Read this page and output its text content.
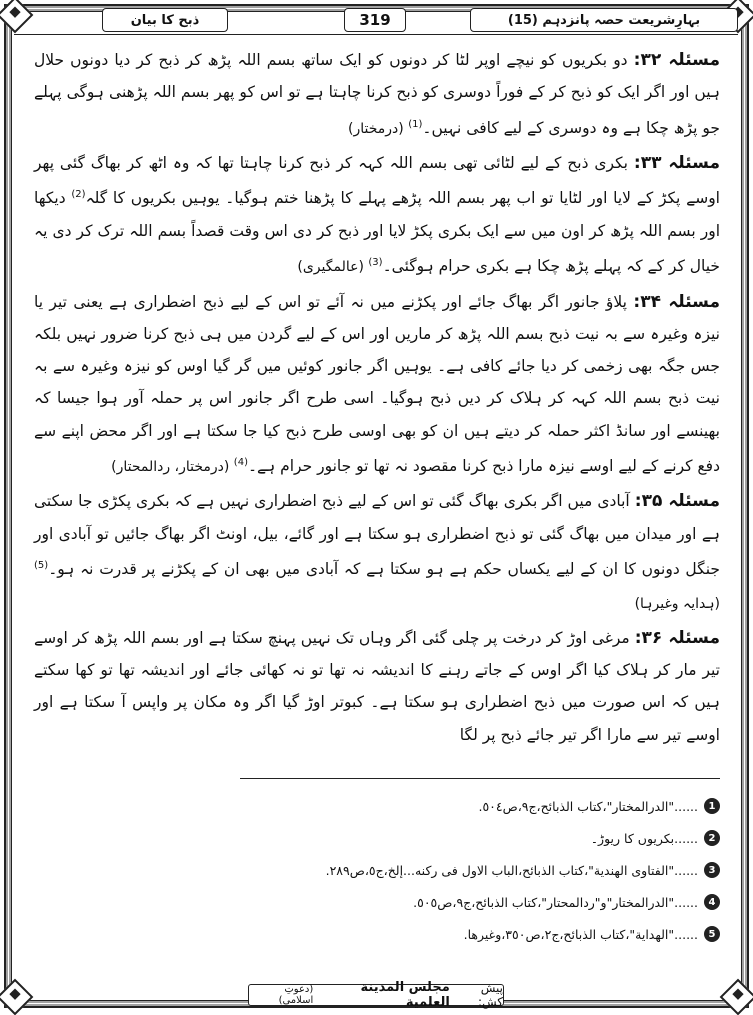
بہارِشریعت حصہ پانزدہم (15)
319
ذبح کا بیان

مسئلہ ۳۲: دو بکریوں کو نیچے اوپر لٹا کر دونوں کو ایک ساتھ بسم اللہ پڑھ کر ذبح کر دیا دونوں حلال ہیں اور اگر ایک کو ذبح کر کے فوراً دوسری کو ذبح کرنا چاہتا ہے تو اس کو پھر بسم اللہ پڑھنی ہوگی پہلے جو پڑھ چکا ہے وہ دوسری کے لیے کافی نہیں۔$^{(1)}$ (درمختار)

مسئلہ ۳۳: بکری ذبح کے لیے لٹائی تھی بسم اللہ کہہ کر ذبح کرنا چاہتا تھا کہ وہ اٹھ کر بھاگ گئی پھر اوسے پکڑ کے لایا اور لٹایا تو اب پھر بسم اللہ پڑھے پہلے کا پڑھنا ختم ہوگیا۔ یوہیں بکریوں کا گلہ$^{(2)}$ دیکھا اور بسم اللہ پڑھ کر اون میں سے ایک بکری پکڑ لایا اور ذبح کر دی اس وقت قصداً بسم اللہ ترک کر دی یہ خیال کر کے کہ پہلے پڑھ چکا ہے بکری حرام ہوگئی۔$^{(3)}$ (عالمگیری)

مسئلہ ۳۴: پلاؤ جانور اگر بھاگ جائے اور پکڑنے میں نہ آئے تو اس کے لیے ذبح اضطراری ہے یعنی تیر یا نیزہ وغیرہ سے بہ نیت ذبح بسم اللہ پڑھ کر ماریں اور اس کے لیے گردن میں ہی ذبح کرنا ضرور نہیں بلکہ جس جگہ بھی زخمی کر دیا جائے کافی ہے۔ یوہیں اگر جانور کوئیں میں گر گیا اوس کو نیزہ وغیرہ سے بہ نیت ذبح بسم اللہ کہہ کر ہلاک کر دیں ذبح ہوگیا۔ اسی طرح اگر جانور اس پر حملہ آور ہوا جیسا کہ بھینسے اور سانڈ اکثر حملہ کر دیتے ہیں ان کو بھی اوسی طرح ذبح کیا جا سکتا ہے اور اگر محض اپنے سے دفع کرنے کے لیے اوسے نیزہ مارا ذبح کرنا مقصود نہ تھا تو جانور حرام ہے۔$^{(4)}$ (درمختار، ردالمحتار)

مسئلہ ۳۵: آبادی میں اگر بکری بھاگ گئی تو اس کے لیے ذبح اضطراری نہیں ہے کہ بکری پکڑی جا سکتی ہے اور میدان میں بھاگ گئی تو ذبح اضطراری ہو سکتا ہے اور گائے، بیل، اونٹ اگر بھاگ جائیں تو آبادی اور جنگل دونوں کا ان کے لیے یکساں حکم ہے ہو سکتا ہے کہ آبادی میں بھی ان کے پکڑنے پر قدرت نہ ہو۔$^{(5)}$ (ہدایہ وغیرہا)

مسئلہ ۳۶: مرغی اوڑ کر درخت پر چلی گئی اگر وہاں تک نہیں پہنچ سکتا ہے اور بسم اللہ پڑھ کر اوسے تیر مار کر ہلاک کیا اگر اوس کے جاتے رہنے کا اندیشہ نہ تھا تو نہ کھائی جائے اور اندیشہ تھا تو کھا سکتے ہیں کہ اس صورت میں ذبح اضطراری ہو سکتا ہے۔ کبوتر اوڑ گیا اگر وہ مکان پر واپس آ سکتا ہے اور اوسے تیر سے مارا اگر تیر جائے ذبح پر لگا

1
......"الدرالمختار"،كتاب الذبائح،ج٩،ص٥٠٤.
2
......بکریوں کا ریوڑ۔
3
......"الفتاوى الهندية"،كتاب الذبائح،الباب الاول فی رکنه...إلخ،ج٥،ص٢٨٩.
4
......"الدرالمختار"و"ردالمحتار"،كتاب الذبائح،ج٩،ص٥٠٥.
5
......"الهداية"،كتاب الذبائح،ج٢،ص٣٥٠،وغيرها.
پیش کش:
مجلس المدينة العلمية
(دعوتِ اسلامی)
